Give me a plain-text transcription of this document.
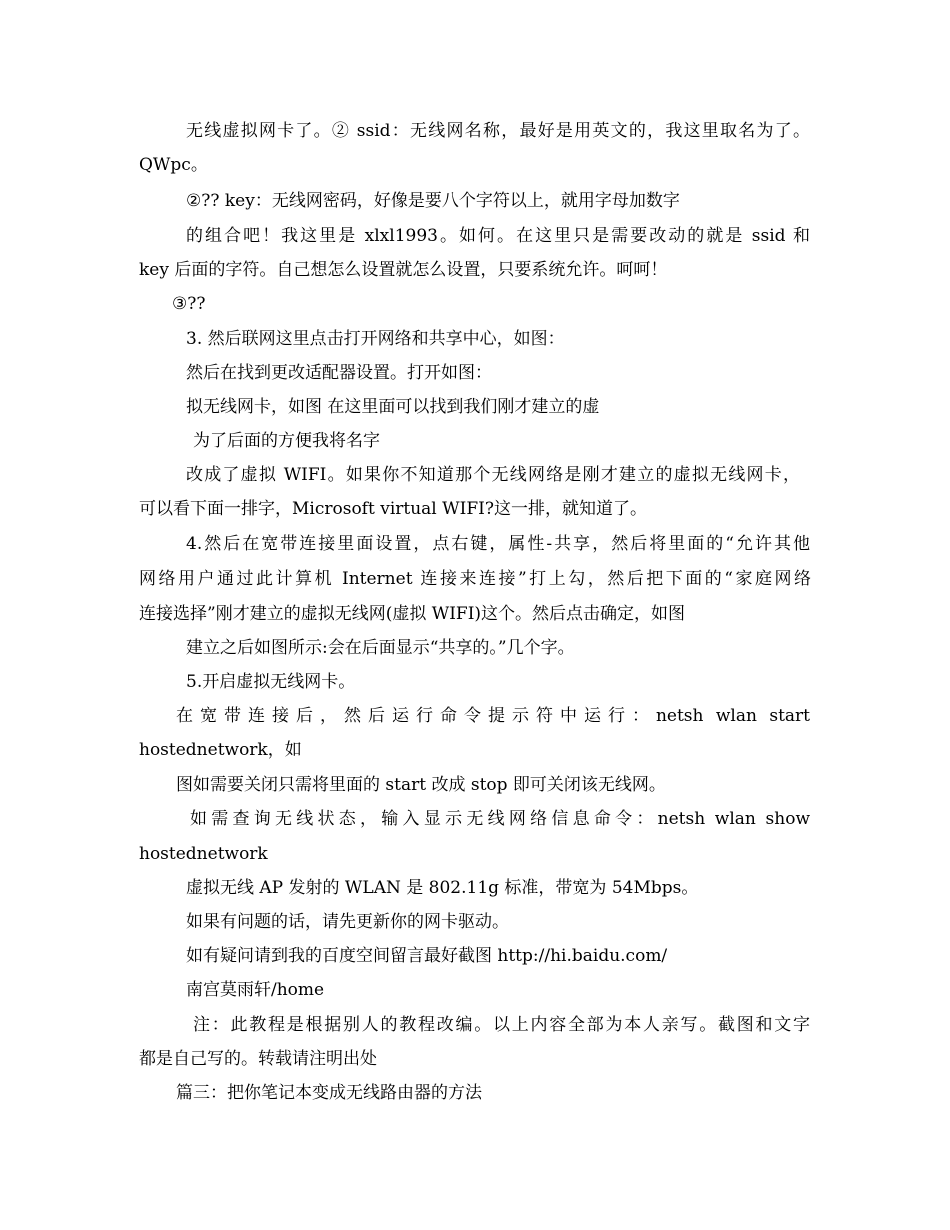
无线虚拟网卡了。② ssid：无线网名称，最好是用英文的，我这里取名为了。
QWpc。
②?? key：无线网密码，好像是要八个字符以上，就用字母加数字
的组合吧！我这里是 xlxl1993。如何。在这里只是需要改动的就是 ssid 和
key 后面的字符。自己想怎么设置就怎么设置，只要系统允许。呵呵！
③??
3. 然后联网这里点击打开网络和共享中心，如图：
然后在找到更改适配器设置。打开如图：
拟无线网卡，如图 在这里面可以找到我们刚才建立的虚
为了后面的方便我将名字
改成了虚拟 WIFI。如果你不知道那个无线网络是刚才建立的虚拟无线网卡，
可以看下面一排字，Microsoft virtual WIFI?这一排，就知道了。
4.然后在宽带连接里面设置，点右键，属性-共享，然后将里面的“允许其他
网络用户通过此计算机 Internet 连接来连接”打上勾，然后把下面的“家庭网络
连接选择”刚才建立的虚拟无线网(虚拟 WIFI)这个。然后点击确定，如图
建立之后如图所示:会在后面显示“共享的。”几个字。
5.开启虚拟无线网卡。
在宽带连接后，然后运行命令提示符中运行：netsh wlan start
hostednetwork，如
图如需要关闭只需将里面的 start 改成 stop 即可关闭该无线网。
如需查询无线状态，输入显示无线网络信息命令：netsh wlan show
hostednetwork
虚拟无线 AP 发射的 WLAN 是 802.11g 标准，带宽为 54Mbps。
如果有问题的话，请先更新你的网卡驱动。
如有疑问请到我的百度空间留言最好截图 http://hi.baidu.com/
南宫莫雨轩/home
注：此教程是根据别人的教程改编。以上内容全部为本人亲写。截图和文字
都是自己写的。转载请注明出处
篇三：把你笔记本变成无线路由器的方法
